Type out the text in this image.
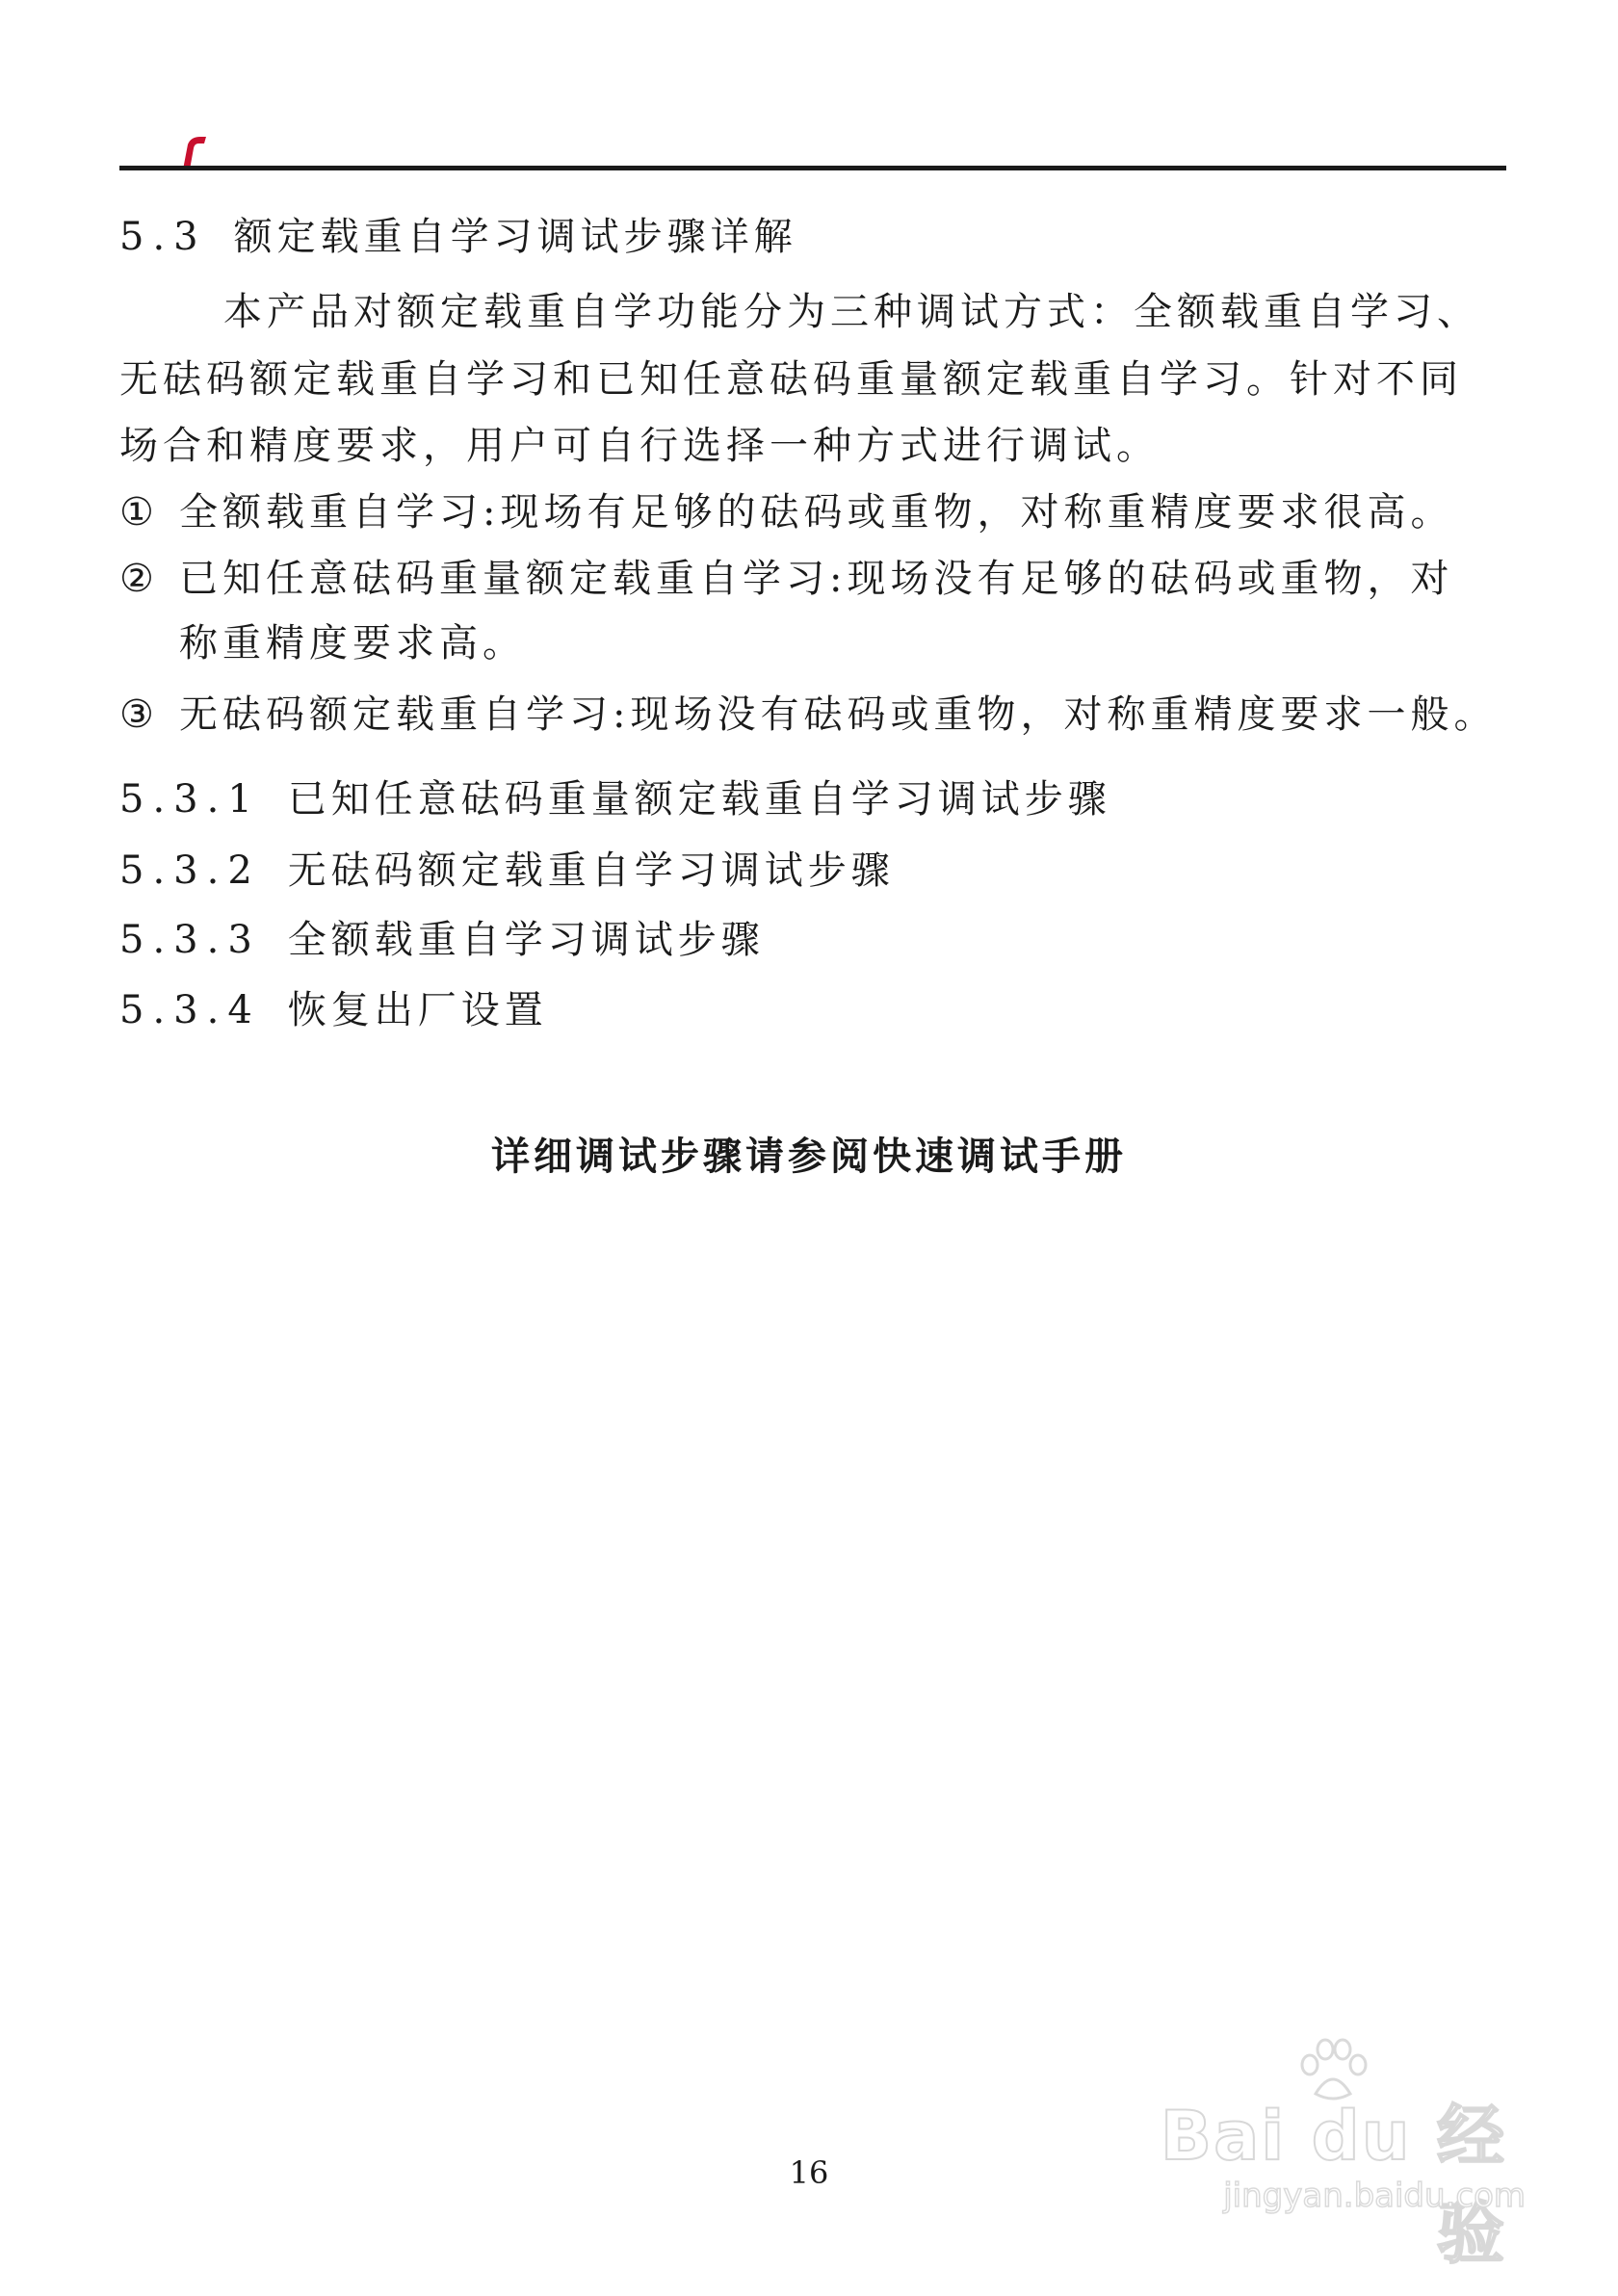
5.3 额定载重自学习调试步骤详解
本产品对额定载重自学功能分为三种调试方式：全额载重自学习、
无砝码额定载重自学习和已知任意砝码重量额定载重自学习。针对不同
场合和精度要求，用户可自行选择一种方式进行调试。
① 全额载重自学习:现场有足够的砝码或重物，对称重精度要求很高。
② 已知任意砝码重量额定载重自学习:现场没有足够的砝码或重物，对
称重精度要求高。
③ 无砝码额定载重自学习:现场没有砝码或重物，对称重精度要求一般。
5.3.1 已知任意砝码重量额定载重自学习调试步骤
5.3.2 无砝码额定载重自学习调试步骤
5.3.3 全额载重自学习调试步骤
5.3.4 恢复出厂设置
详细调试步骤请参阅快速调试手册
16	Bai du 经验
jingyan.baidu.com
